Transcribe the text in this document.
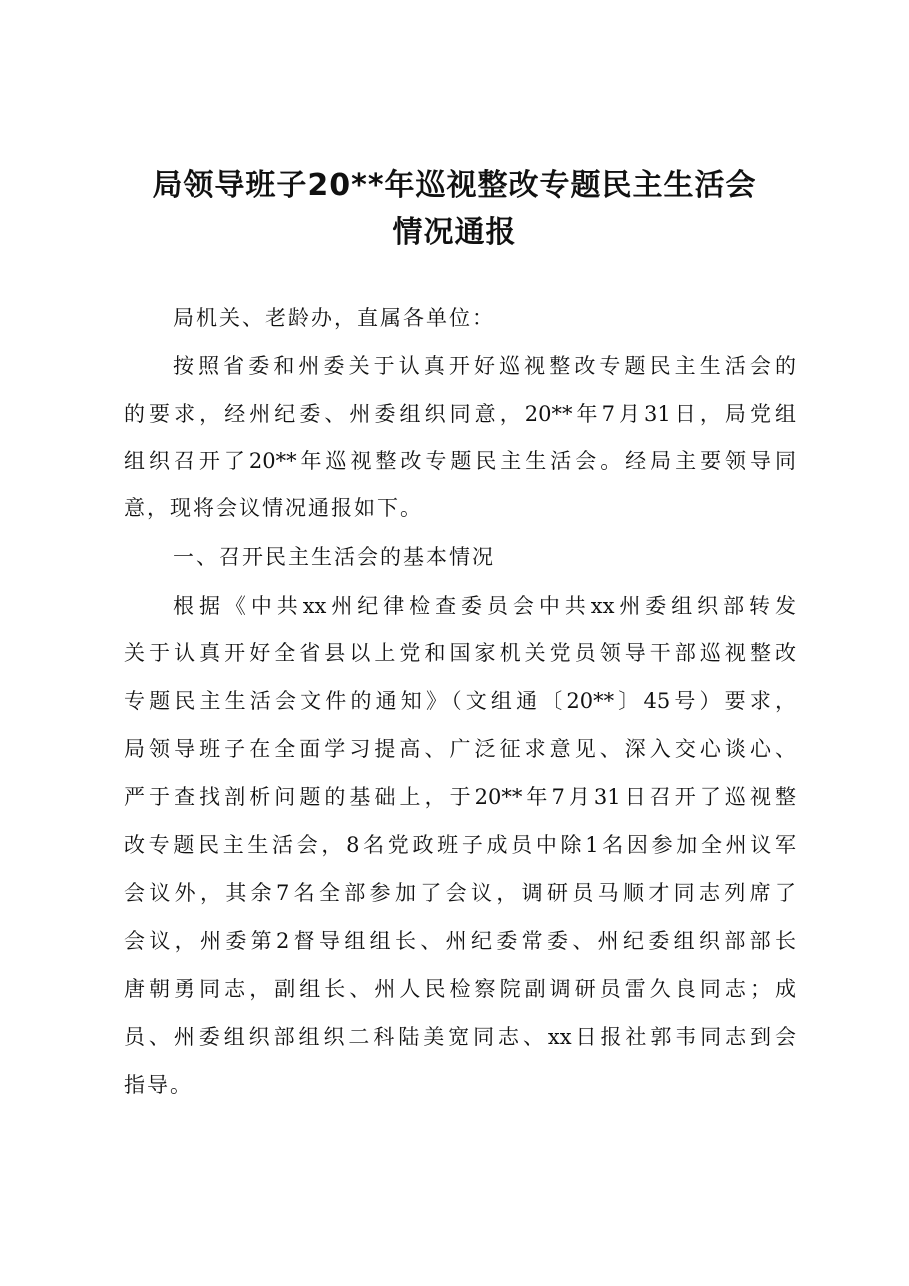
局领导班子20**年巡视整改专题民主生活会
情况通报
局机关、老龄办，直属各单位：
按照省委和州委关于认真开好巡视整改专题民主生活会的
的要求，经州纪委、州委组织同意，20**年7月31日，局党组
组织召开了20**年巡视整改专题民主生活会。经局主要领导同
意，现将会议情况通报如下。
一、召开民主生活会的基本情况
根据《中共xx州纪律检查委员会中共xx州委组织部转发
关于认真开好全省县以上党和国家机关党员领导干部巡视整改
专题民主生活会文件的通知》（文组通〔20**〕45号）要求，
局领导班子在全面学习提高、广泛征求意见、深入交心谈心、
严于查找剖析问题的基础上，于20**年7月31日召开了巡视整
改专题民主生活会，8名党政班子成员中除1名因参加全州议军
会议外，其余7名全部参加了会议，调研员马顺才同志列席了
会议，州委第2督导组组长、州纪委常委、州纪委组织部部长
唐朝勇同志，副组长、州人民检察院副调研员雷久良同志；成
员、州委组织部组织二科陆美宽同志、xx日报社郭韦同志到会
指导。
